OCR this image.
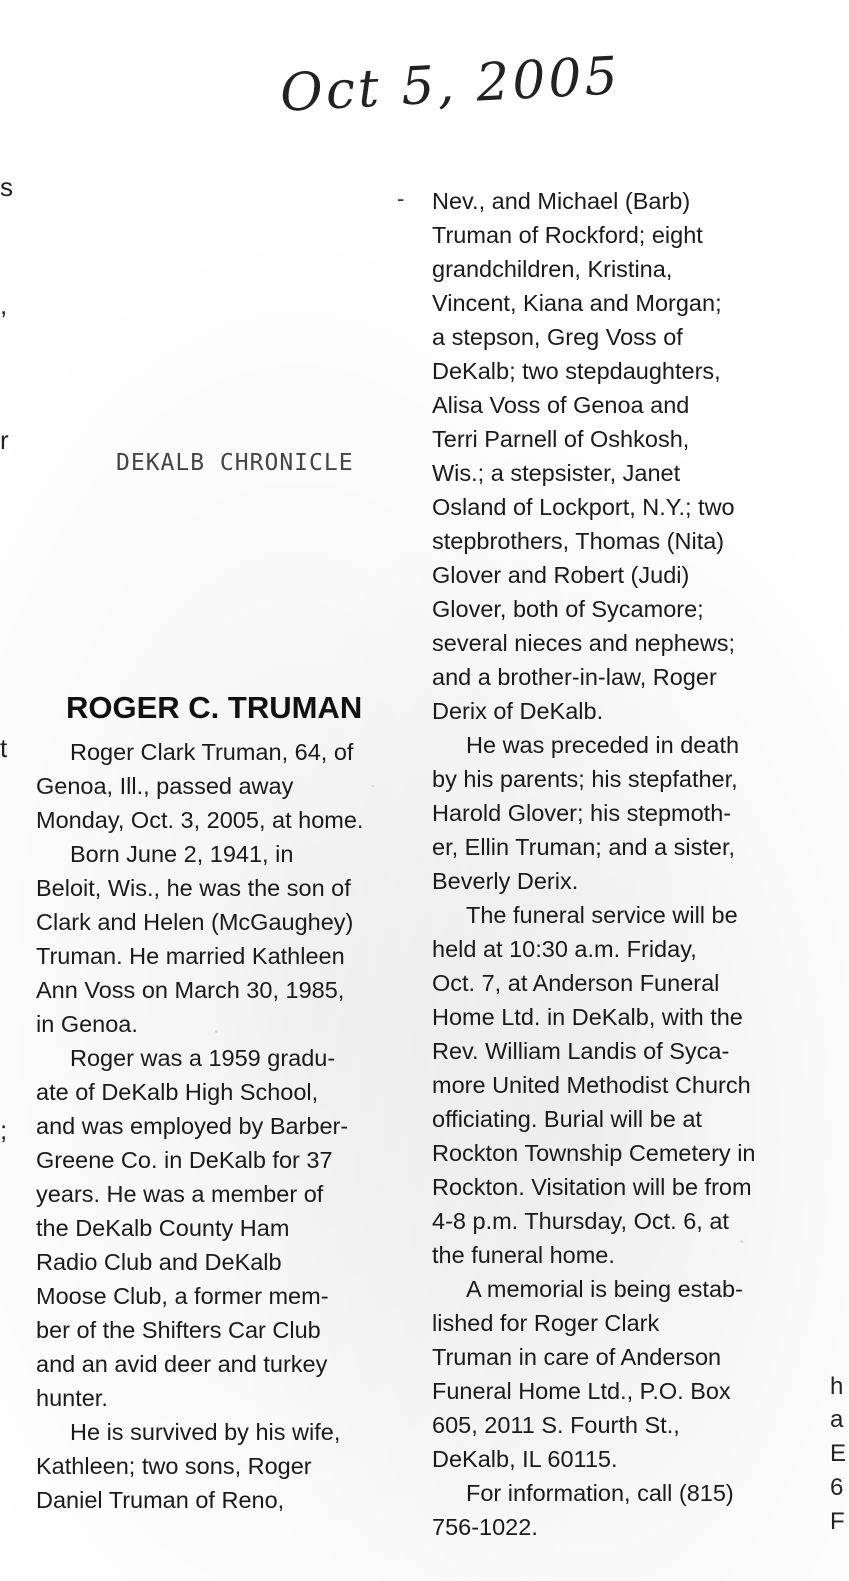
Oct 5, 2005
s
,
r
t
;
h
a
E
6
F
-
DEKALB CHRONICLE
ROGER C. TRUMAN
Roger Clark Truman, 64, of
Genoa, Ill., passed away
Monday, Oct. 3, 2005, at home.
Born June 2, 1941, in
Beloit, Wis., he was the son of
Clark and Helen (McGaughey)
Truman. He married Kathleen
Ann Voss on March 30, 1985,
in Genoa.
Roger was a 1959 gradu-
ate of DeKalb High School,
and was employed by Barber-
Greene Co. in DeKalb for 37
years. He was a member of
the DeKalb County Ham
Radio Club and DeKalb
Moose Club, a former mem-
ber of the Shifters Car Club
and an avid deer and turkey
hunter.
He is survived by his wife,
Kathleen; two sons, Roger
Daniel Truman of Reno,
Nev., and Michael (Barb)
Truman of Rockford; eight
grandchildren, Kristina,
Vincent, Kiana and Morgan;
a stepson, Greg Voss of
DeKalb; two stepdaughters,
Alisa Voss of Genoa and
Terri Parnell of Oshkosh,
Wis.; a stepsister, Janet
Osland of Lockport, N.Y.; two
stepbrothers, Thomas (Nita)
Glover and Robert (Judi)
Glover, both of Sycamore;
several nieces and nephews;
and a brother-in-law, Roger
Derix of DeKalb.
He was preceded in death
by his parents; his stepfather,
Harold Glover; his stepmoth-
er, Ellin Truman; and a sister,
Beverly Derix.
The funeral service will be
held at 10:30 a.m. Friday,
Oct. 7, at Anderson Funeral
Home Ltd. in DeKalb, with the
Rev. William Landis of Syca-
more United Methodist Church
officiating. Burial will be at
Rockton Township Cemetery in
Rockton. Visitation will be from
4-8 p.m. Thursday, Oct. 6, at
the funeral home.
A memorial is being estab-
lished for Roger Clark
Truman in care of Anderson
Funeral Home Ltd., P.O. Box
605, 2011 S. Fourth St.,
DeKalb, IL 60115.
For information, call (815)
756-1022.
